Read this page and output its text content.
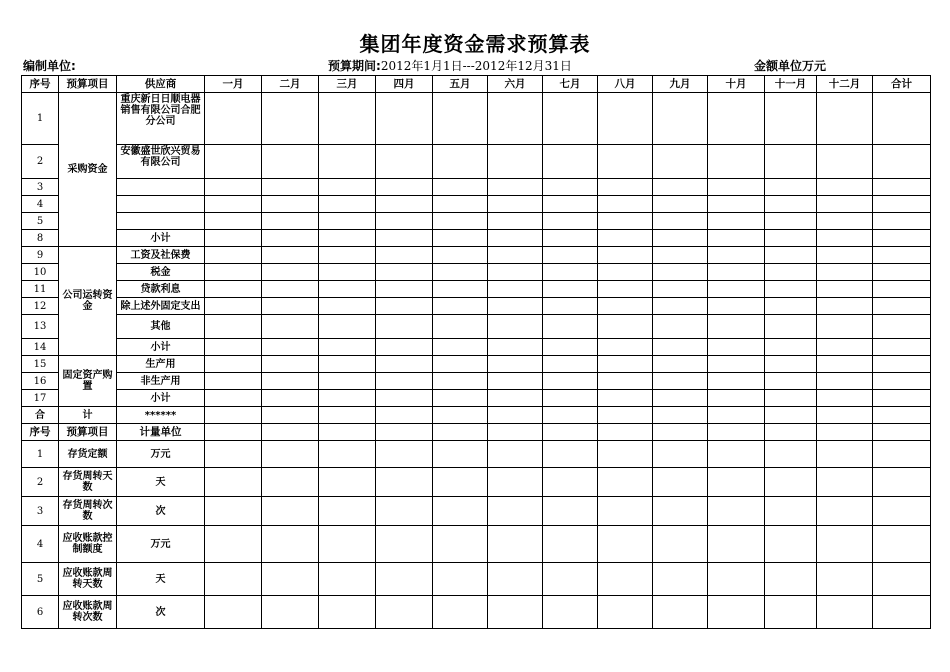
集团年度资金需求预算表
编制单位:	预算期间:2012年1月1日---2012年12月31日	金额单位万元
序号	预算项目	供应商	一月	二月	三月	四月	五月	六月	七月	八月	九月	十月	十一月	十二月	合计
1	采购资金	重庆新日日顺电器销售有限公司合肥分公司													
2		安徽盛世欣兴贸易有限公司													
3															
4															
5															
8		小计													
9	公司运转资金	工资及社保费													
10		税金													
11		贷款利息													
12		除上述外固定支出													
13		其他													
14		小计													
15	固定资产购置	生产用													
16		非生产用													
17		小计													
合	计	******													
序号	预算项目	计量单位													
1	存货定额	万元													
2	存货周转天数	天													
3	存货周转次数	次													
4	应收账款控制额度	万元													
5	应收账款周转天数	天													
6	应收账款周转次数	次													
